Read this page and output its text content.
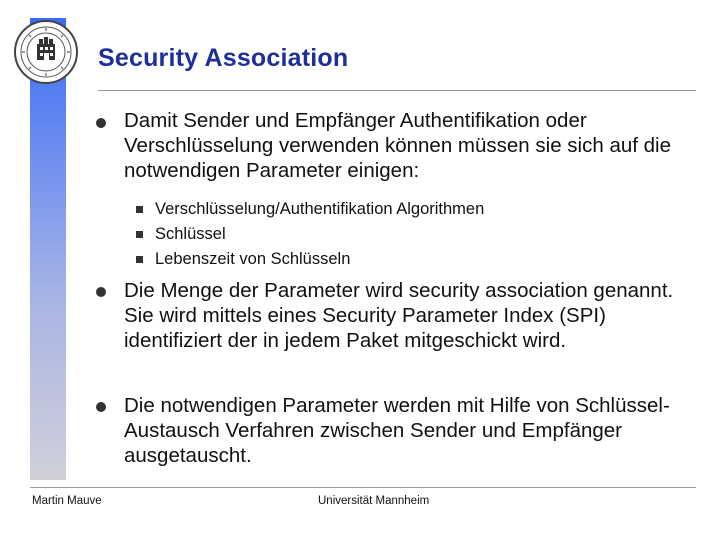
Security Association

Damit Sender und Empfänger Authentifikation oder Verschlüsselung verwenden können müssen sie sich auf die notwendigen Parameter einigen:

Verschlüsselung/Authentifikation Algorithmen
Schlüssel
Lebenszeit von Schlüsseln

Die Menge der Parameter wird security association genannt. Sie wird mittels eines Security Parameter Index (SPI) identifiziert der in jedem Paket mitgeschickt wird.

Die notwendigen Parameter werden mit Hilfe von Schlüssel-Austausch Verfahren zwischen Sender und Empfänger ausgetauscht.

Martin Mauve	Universität Mannheim
